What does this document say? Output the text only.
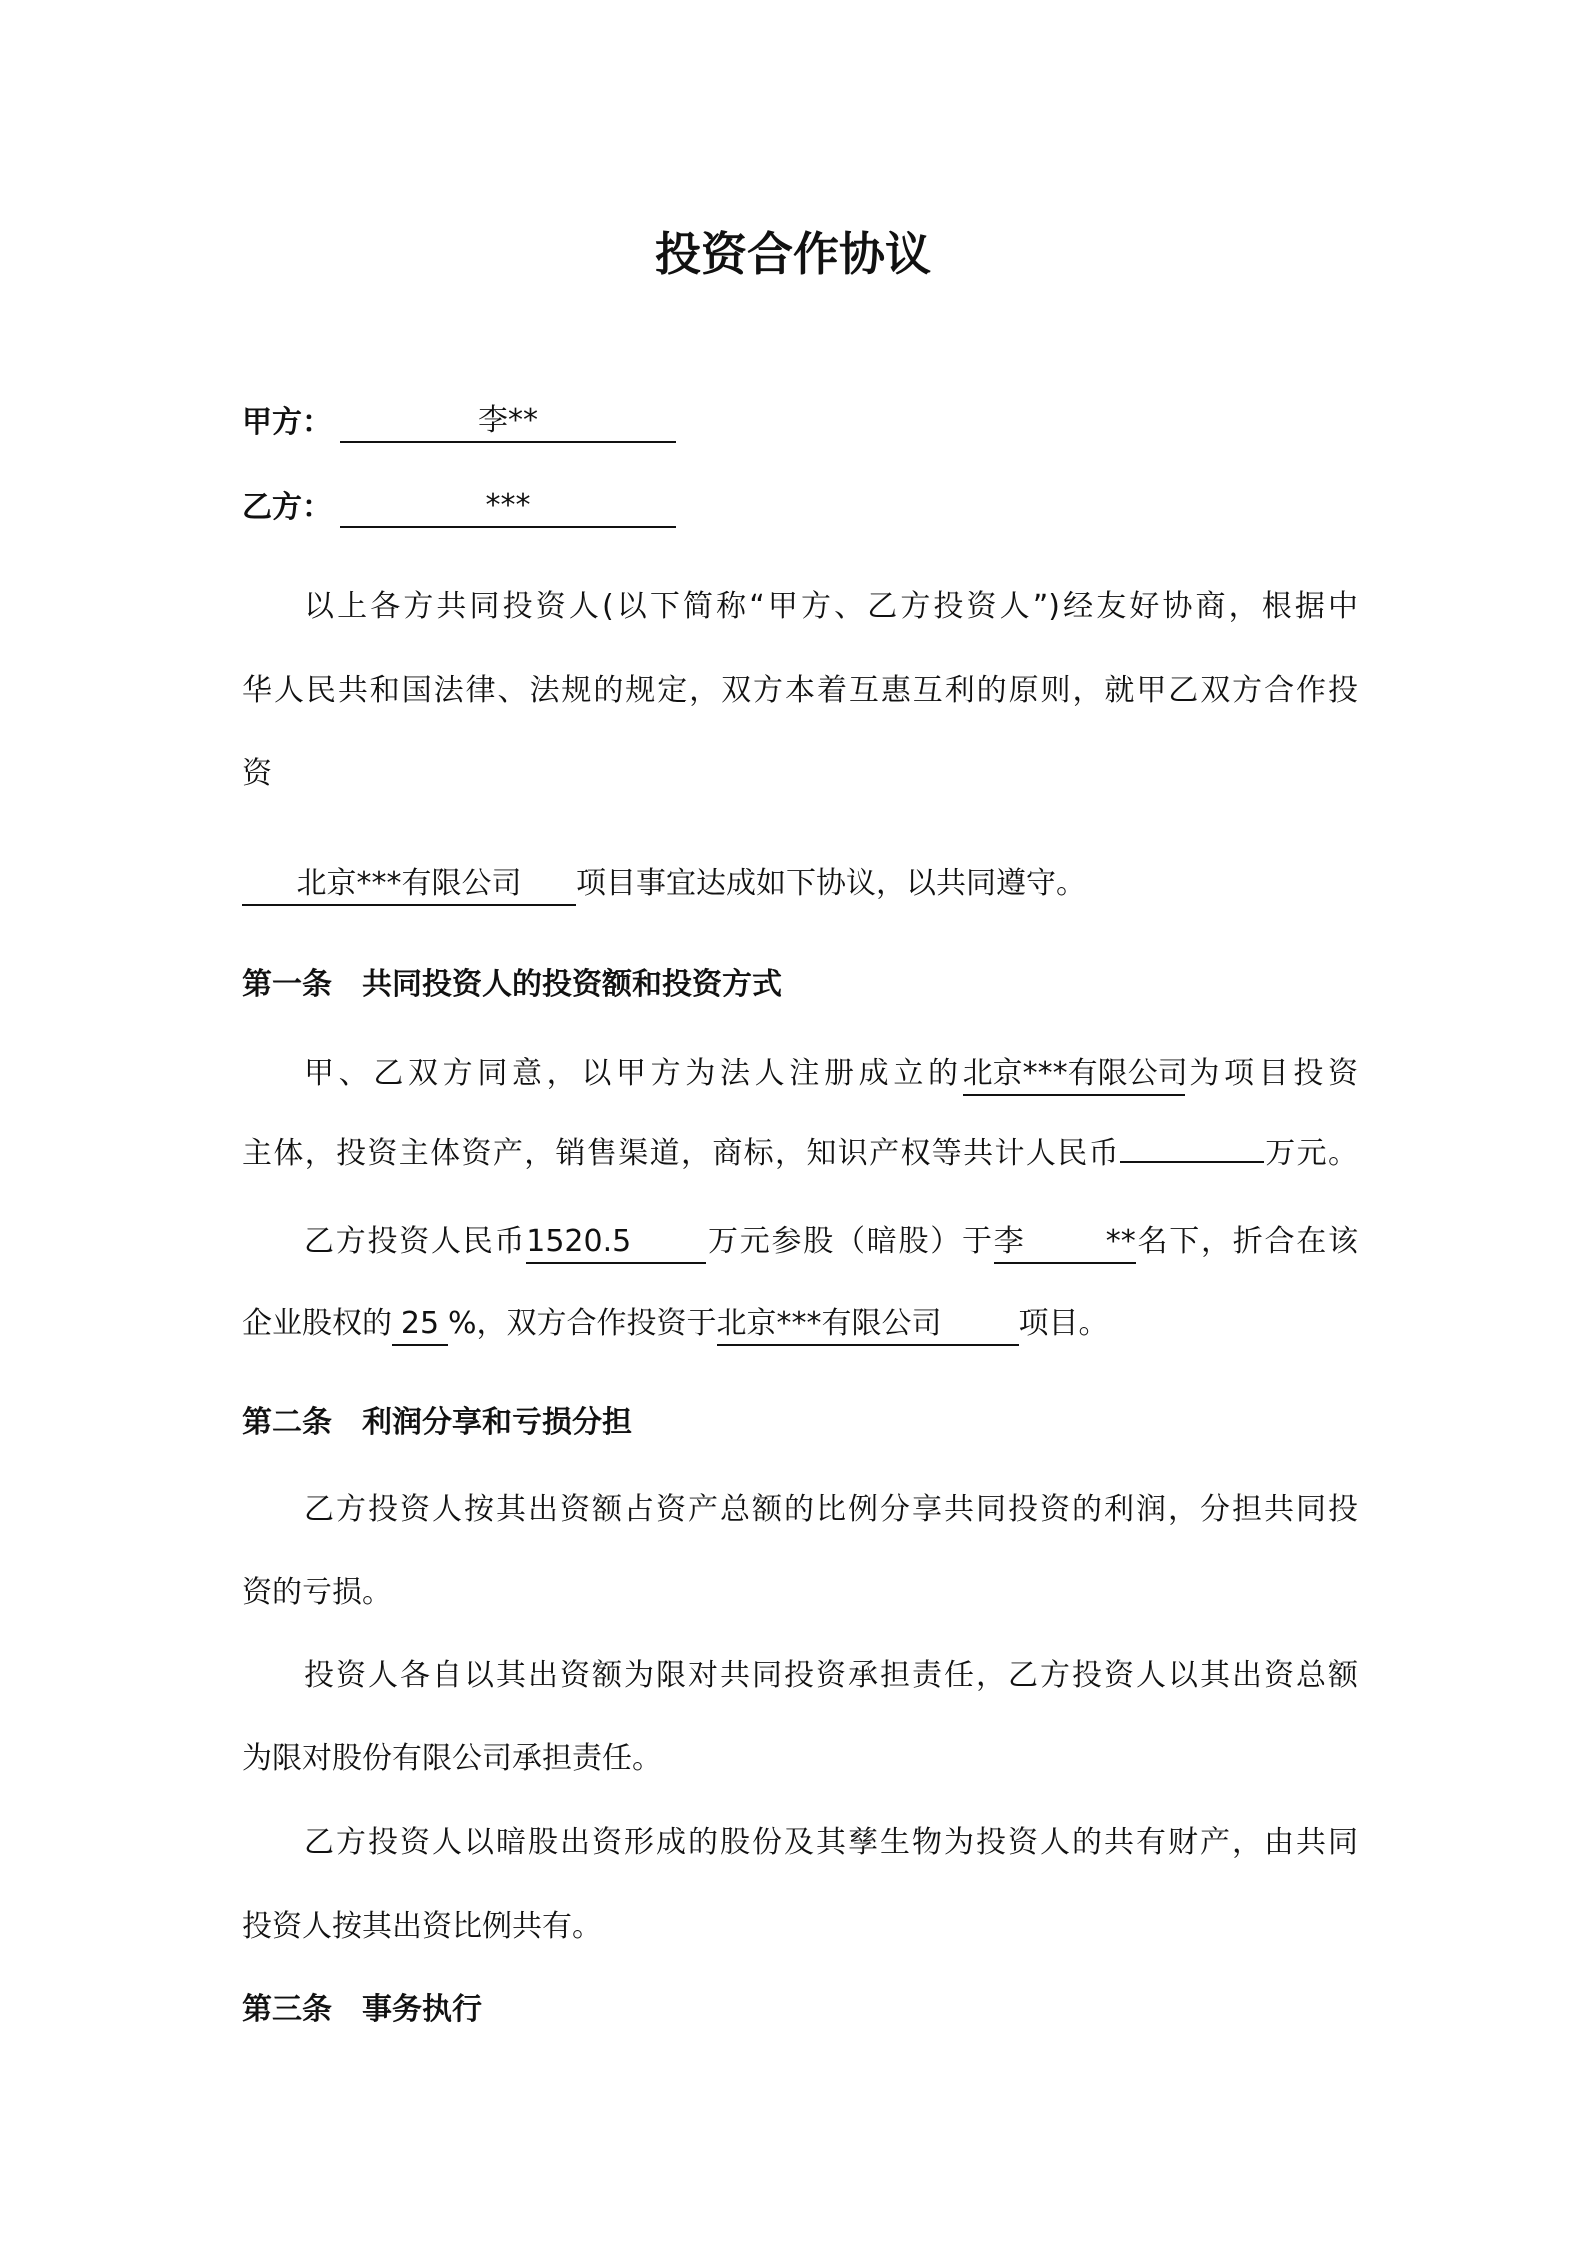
投资合作协议
甲方：	李**
乙方：	***
以上各方共同投资人(以下简称“甲方、乙方投资人”)经友好协商，根据中
华人民共和国法律、法规的规定，双方本着互惠互利的原则，就甲乙双方合作投
资
北京***有限公司 项目事宜达成如下协议，以共同遵守。
第一条　共同投资人的投资额和投资方式
甲、乙双方同意，以甲方为法人注册成立的北京***有限公司为项目投资
主体，投资主体资产，销售渠道，商标，知识产权等共计人民币	万元。
乙方投资人民币1520.5	万元参股（暗股）于李**名下，折合在该
企业股权的 25 %，双方合作投资于北京***有限公司	项目。
第二条　利润分享和亏损分担
乙方投资人按其出资额占资产总额的比例分享共同投资的利润，分担共同投
资的亏损。
投资人各自以其出资额为限对共同投资承担责任，乙方投资人以其出资总额
为限对股份有限公司承担责任。
乙方投资人以暗股出资形成的股份及其孳生物为投资人的共有财产，由共同
投资人按其出资比例共有。
第三条　事务执行
